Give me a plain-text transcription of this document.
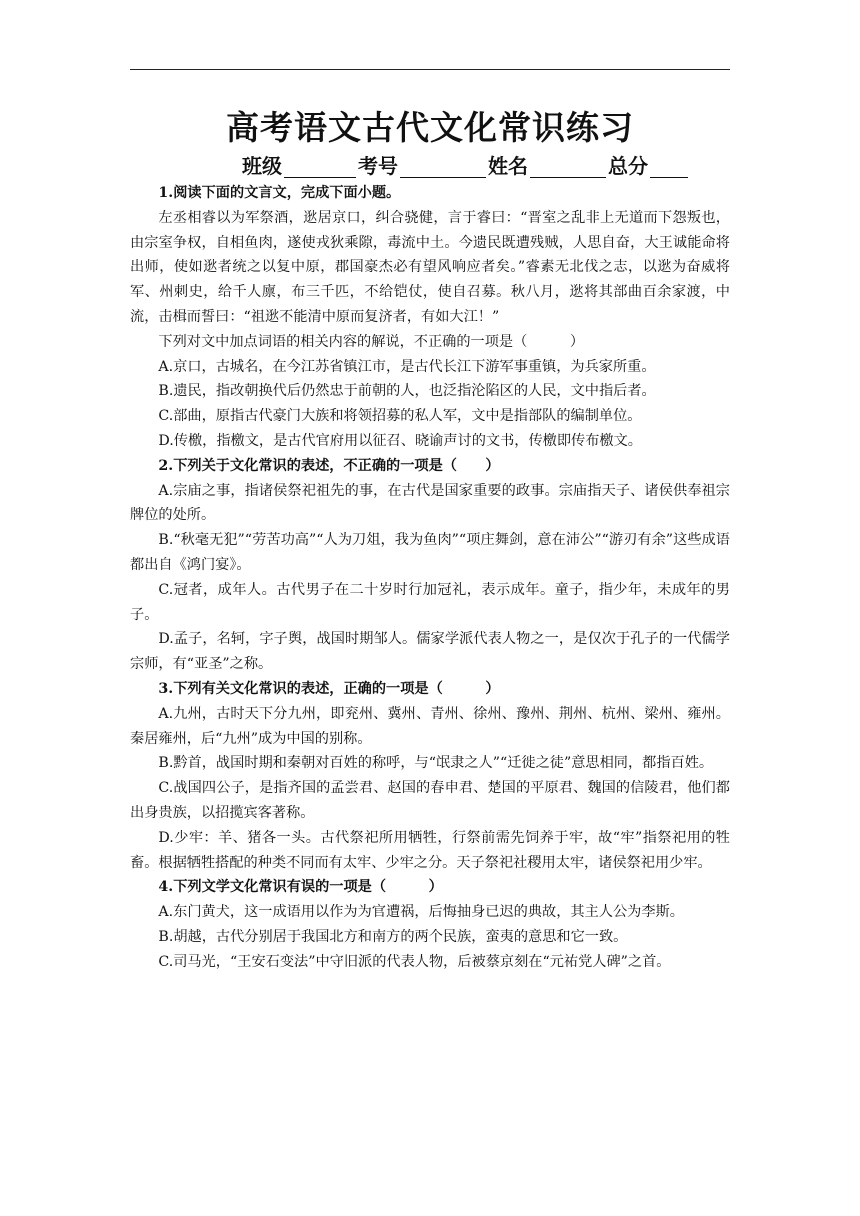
高考语文古代文化常识练习
班级	考号	姓名	总分

1.阅读下面的文言文，完成下面小题。

左丞相睿以为军祭酒，逖居京口，纠合骁健，言于睿曰：“晋室之乱非上无道而下怨叛也，由宗室争权，自相鱼肉，遂使戎狄乘隙，毒流中土。今遗民既遭残贼，人思自奋，大王诚能命将出师，使如逖者统之以复中原，郡国豪杰必有望风响应者矣。”睿素无北伐之志，以逖为奋威将军、州刺史，给千人廪，布三千匹，不给铠仗，使自召募。秋八月，逖将其部曲百余家渡，中流，击楫而誓曰：“祖逖不能清中原而复济者，有如大江！”

下列对文中加点词语的相关内容的解说，不正确的一项是（　　　）

A.京口，古城名，在今江苏省镇江市，是古代长江下游军事重镇，为兵家所重。

B.遗民，指改朝换代后仍然忠于前朝的人，也泛指沦陷区的人民，文中指后者。

C.部曲，原指古代豪门大族和将领招募的私人军，文中是指部队的编制单位。

D.传檄，指檄文，是古代官府用以征召、晓谕声讨的文书，传檄即传布檄文。

2.下列关于文化常识的表述，不正确的一项是（　　）

A.宗庙之事，指诸侯祭祀祖先的事，在古代是国家重要的政事。宗庙指天子、诸侯供奉祖宗牌位的处所。

B.“秋毫无犯”“劳苦功高”“人为刀俎，我为鱼肉”“项庄舞剑，意在沛公”“游刃有余”这些成语都出自《鸿门宴》。

C.冠者，成年人。古代男子在二十岁时行加冠礼，表示成年。童子，指少年，未成年的男子。

D.孟子，名轲，字子舆，战国时期邹人。儒家学派代表人物之一，是仅次于孔子的一代儒学宗师，有“亚圣”之称。

3.下列有关文化常识的表述，正确的一项是（　　　）

A.九州，古时天下分九州，即兖州、冀州、青州、徐州、豫州、荆州、杭州、梁州、雍州。秦居雍州，后“九州”成为中国的别称。

B.黔首，战国时期和秦朝对百姓的称呼，与“氓隶之人”“迁徙之徒”意思相同，都指百姓。

C.战国四公子，是指齐国的孟尝君、赵国的春申君、楚国的平原君、魏国的信陵君，他们都出身贵族，以招揽宾客著称。

D.少牢：羊、猪各一头。古代祭祀所用牺牲，行祭前需先饲养于牢，故“牢”指祭祀用的牲畜。根据牺牲搭配的种类不同而有太牢、少牢之分。天子祭祀社稷用太牢，诸侯祭祀用少牢。

4.下列文学文化常识有误的一项是（　　　）

A.东门黄犬，这一成语用以作为为官遭祸，后悔抽身已迟的典故，其主人公为李斯。

B.胡越，古代分别居于我国北方和南方的两个民族，蛮夷的意思和它一致。

C.司马光，“王安石变法”中守旧派的代表人物，后被蔡京刻在“元祐党人碑”之首。
